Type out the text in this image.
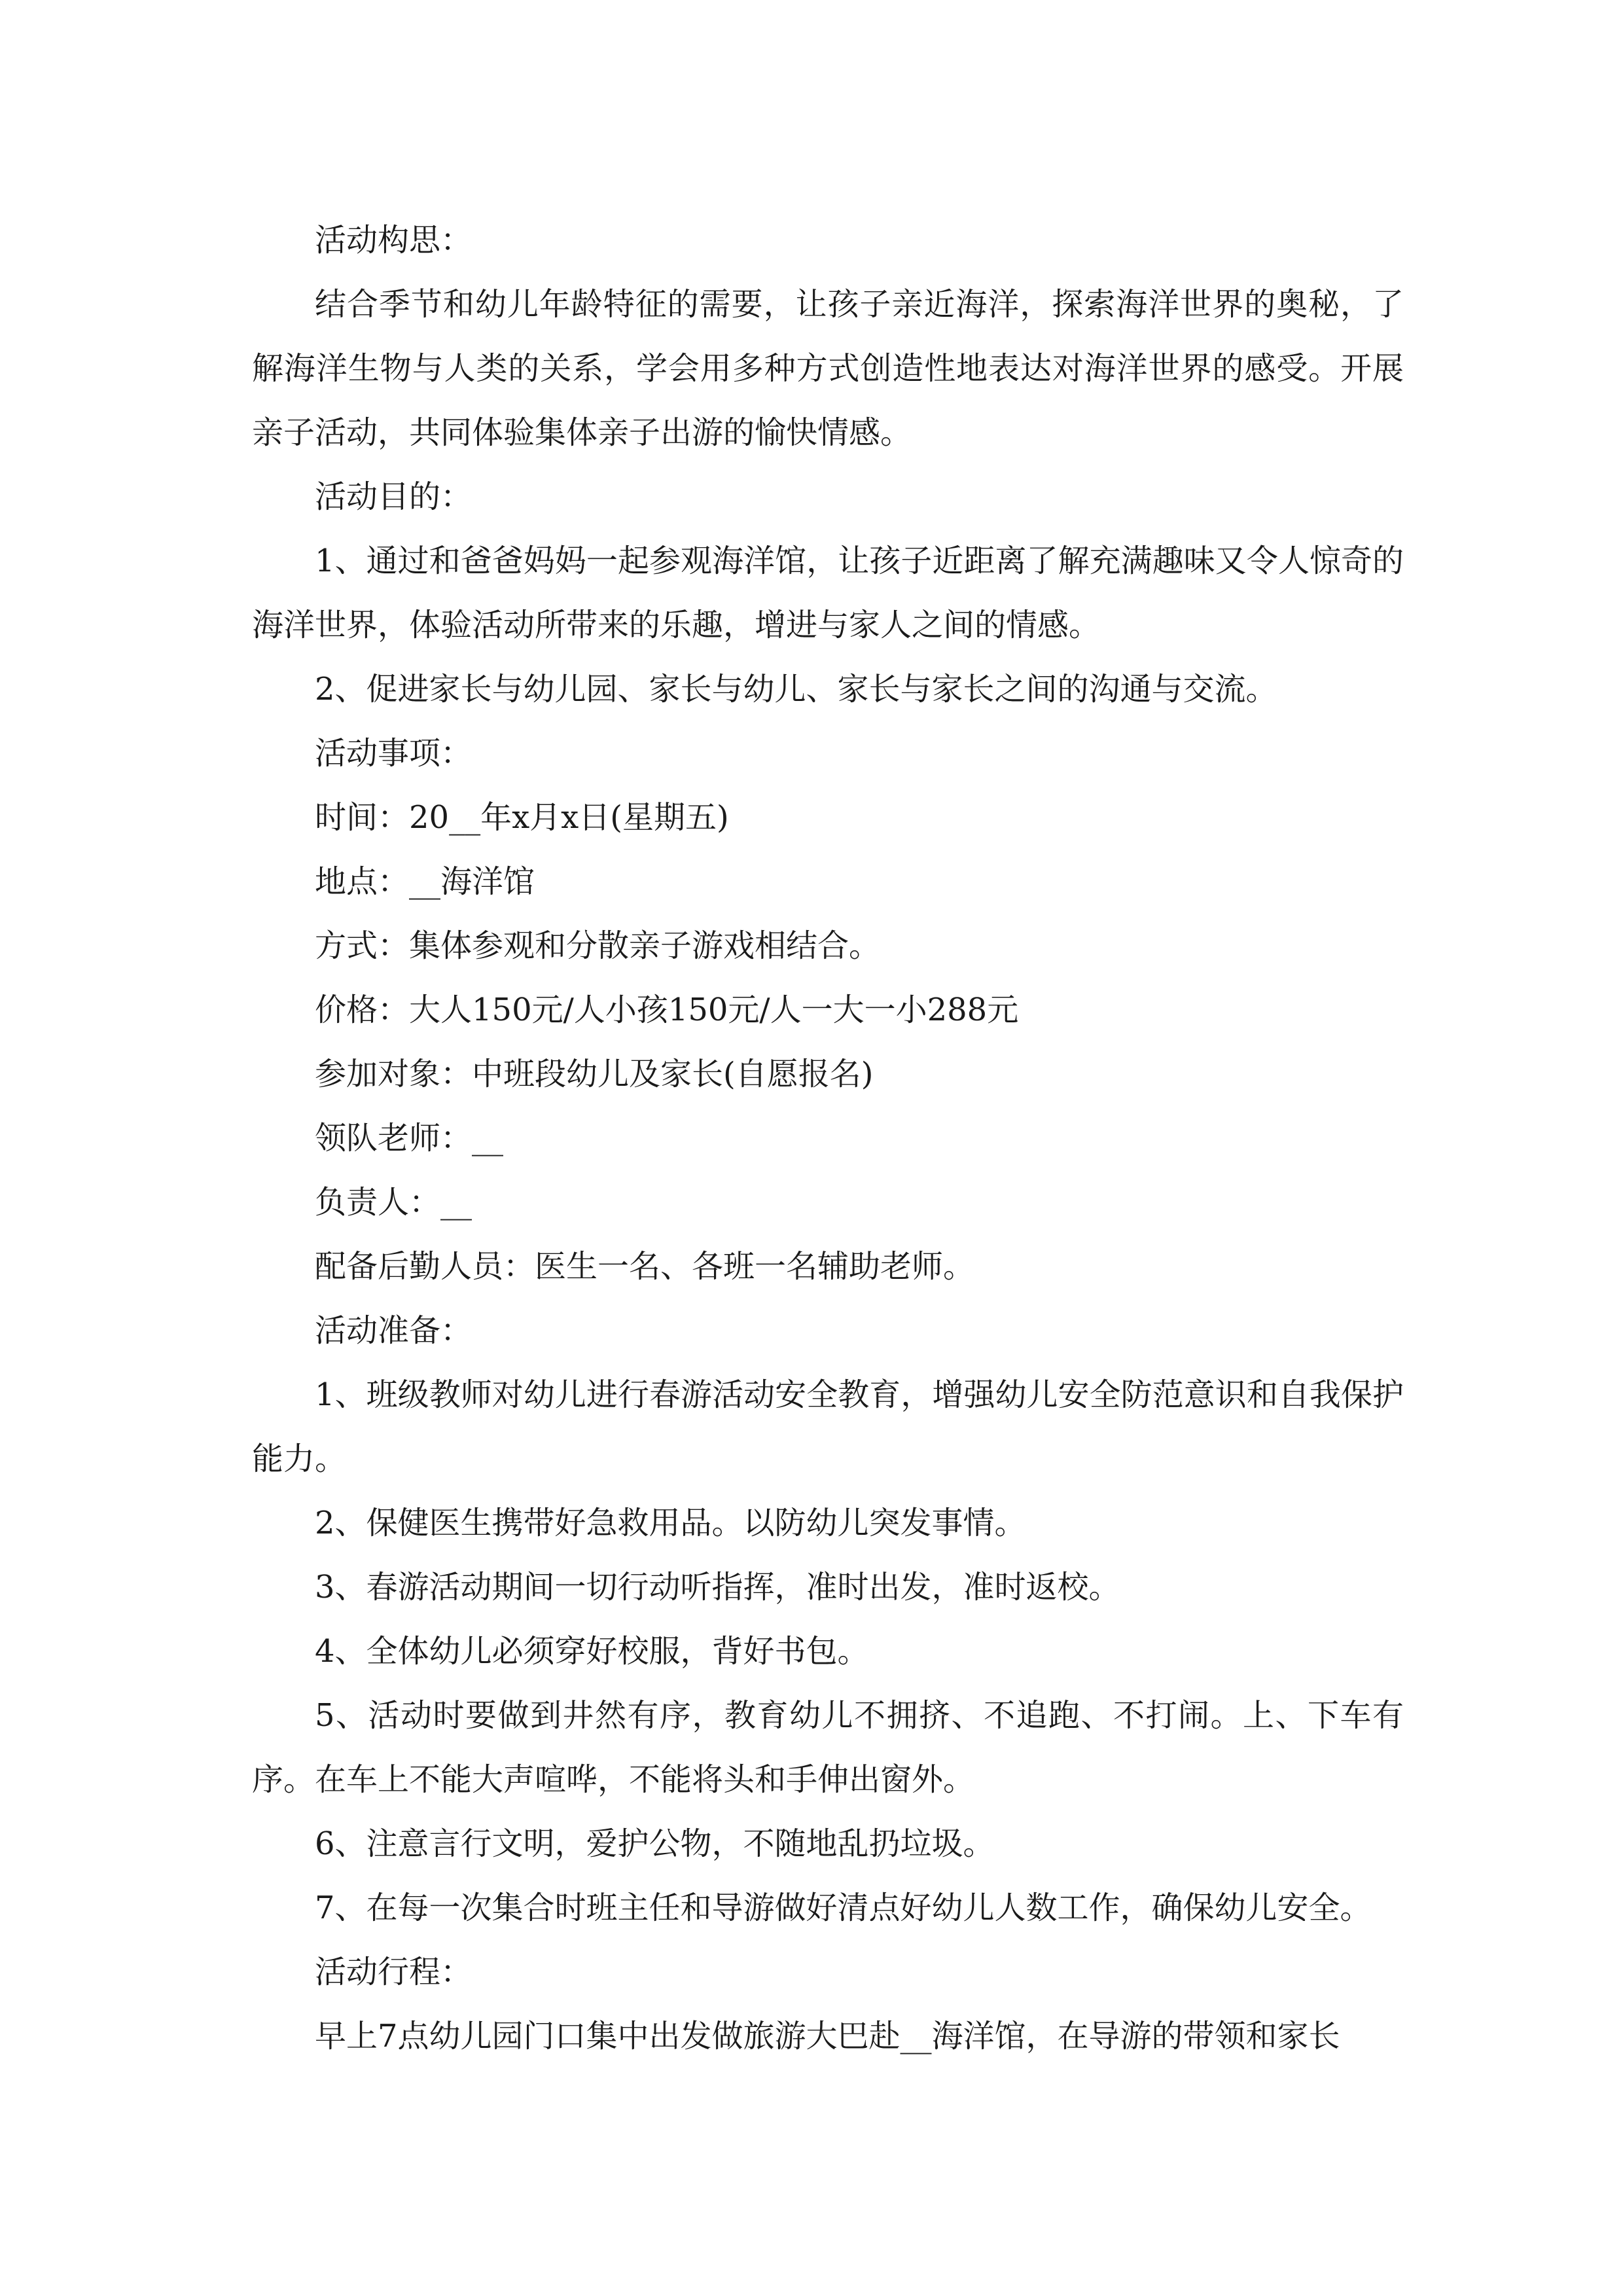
活动构思：

结合季节和幼儿年龄特征的需要，让孩子亲近海洋，探索海洋世界的奥秘，了解海洋生物与人类的关系，学会用多种方式创造性地表达对海洋世界的感受。开展亲子活动，共同体验集体亲子出游的愉快情感。

活动目的：

1、通过和爸爸妈妈一起参观海洋馆，让孩子近距离了解充满趣味又令人惊奇的海洋世界，体验活动所带来的乐趣，增进与家人之间的情感。

2、促进家长与幼儿园、家长与幼儿、家长与家长之间的沟通与交流。

活动事项：

时间：20__年x月x日(星期五)

地点：__海洋馆

方式：集体参观和分散亲子游戏相结合。

价格：大人150元/人小孩150元/人一大一小288元

参加对象：中班段幼儿及家长(自愿报名)

领队老师：__

负责人：__

配备后勤人员：医生一名、各班一名辅助老师。

活动准备：

1、班级教师对幼儿进行春游活动安全教育，增强幼儿安全防范意识和自我保护能力。

2、保健医生携带好急救用品。以防幼儿突发事情。

3、春游活动期间一切行动听指挥，准时出发，准时返校。

4、全体幼儿必须穿好校服，背好书包。

5、活动时要做到井然有序，教育幼儿不拥挤、不追跑、不打闹。上、下车有序。在车上不能大声喧哗，不能将头和手伸出窗外。

6、注意言行文明，爱护公物，不随地乱扔垃圾。

7、在每一次集合时班主任和导游做好清点好幼儿人数工作，确保幼儿安全。

活动行程：

早上7点幼儿园门口集中出发做旅游大巴赴__海洋馆，在导游的带领和家长
